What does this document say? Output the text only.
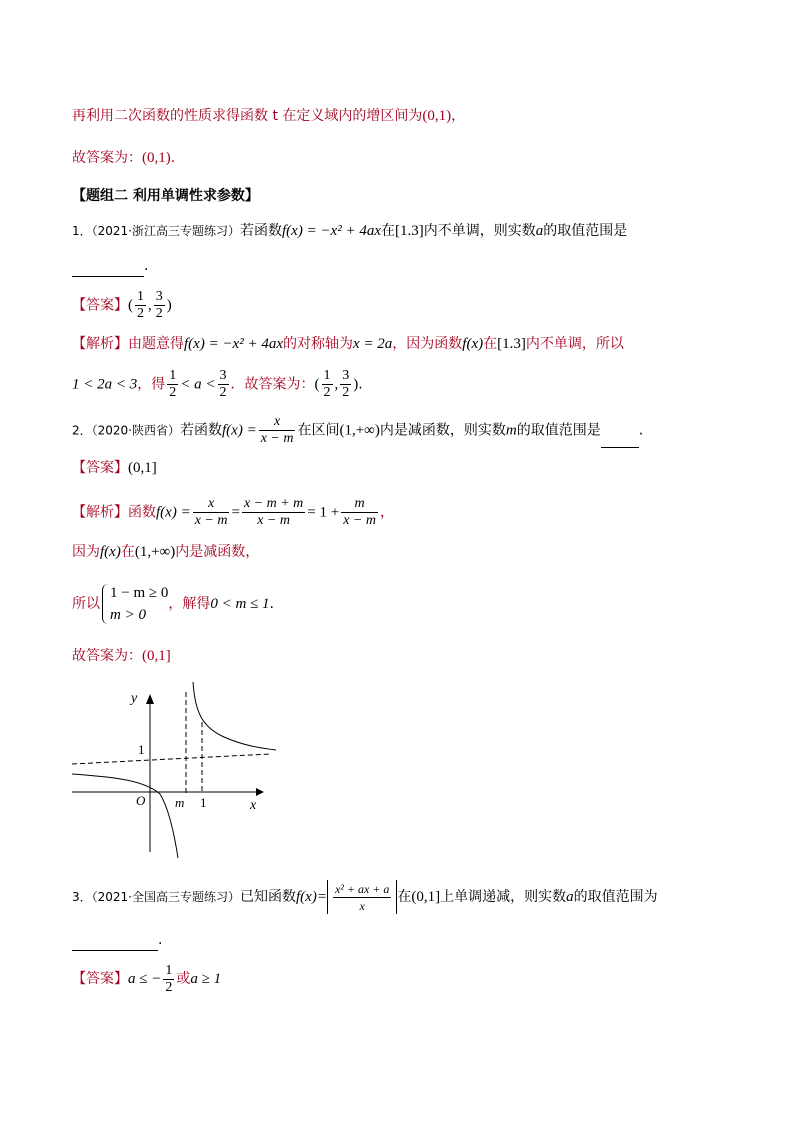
再利用二次函数的性质求得函数 t 在定义域内的增区间为(0,1)，
故答案为：(0,1).
【题组二 利用单调性求参数】
1．（2021·浙江高三专题练习）若函数f(x) = −x² + 4ax在[1.3]内不单调，则实数a的取值范围是
.
【答案】( $\frac{1}{2}$ , $\frac{3}{2}$ )
【解析】由题意得f(x) = −x² + 4ax的对称轴为x = 2a，因为函数f(x)在[1.3]内不单调，所以
1 < 2a < 3，得 $\frac{1}{2} < a < \frac{3}{2}$ ．故答案为：( $\frac{1}{2}$ , $\frac{3}{2}$ ).
2．（2020·陕西省）若函数$f(x) = \frac{x}{x - m}$ 在区间(1,+∞)内是减函数，则实数m的取值范围是	.
【答案】(0,1]
【解析】函数$f(x) = \frac{x}{x - m} = \frac{x - m + m}{x - m} = 1 + \frac{m}{x - m}$ ，
因为f(x)在(1,+∞)内是减函数，
所以
1 − m ≥ 0
m > 0
，解得0 < m ≤ 1.
故答案为：(0,1]
y
x
O m 1
1
3．（2021·全国高三专题练习）已知函数$f(x)= \frac{\text{x² + ax + a}}{x}$ 在(0,1]上单调递减，则实数a的取值范围为
.
【答案】a ≤ − $\frac{1}{2}$ 或a ≥ 1
